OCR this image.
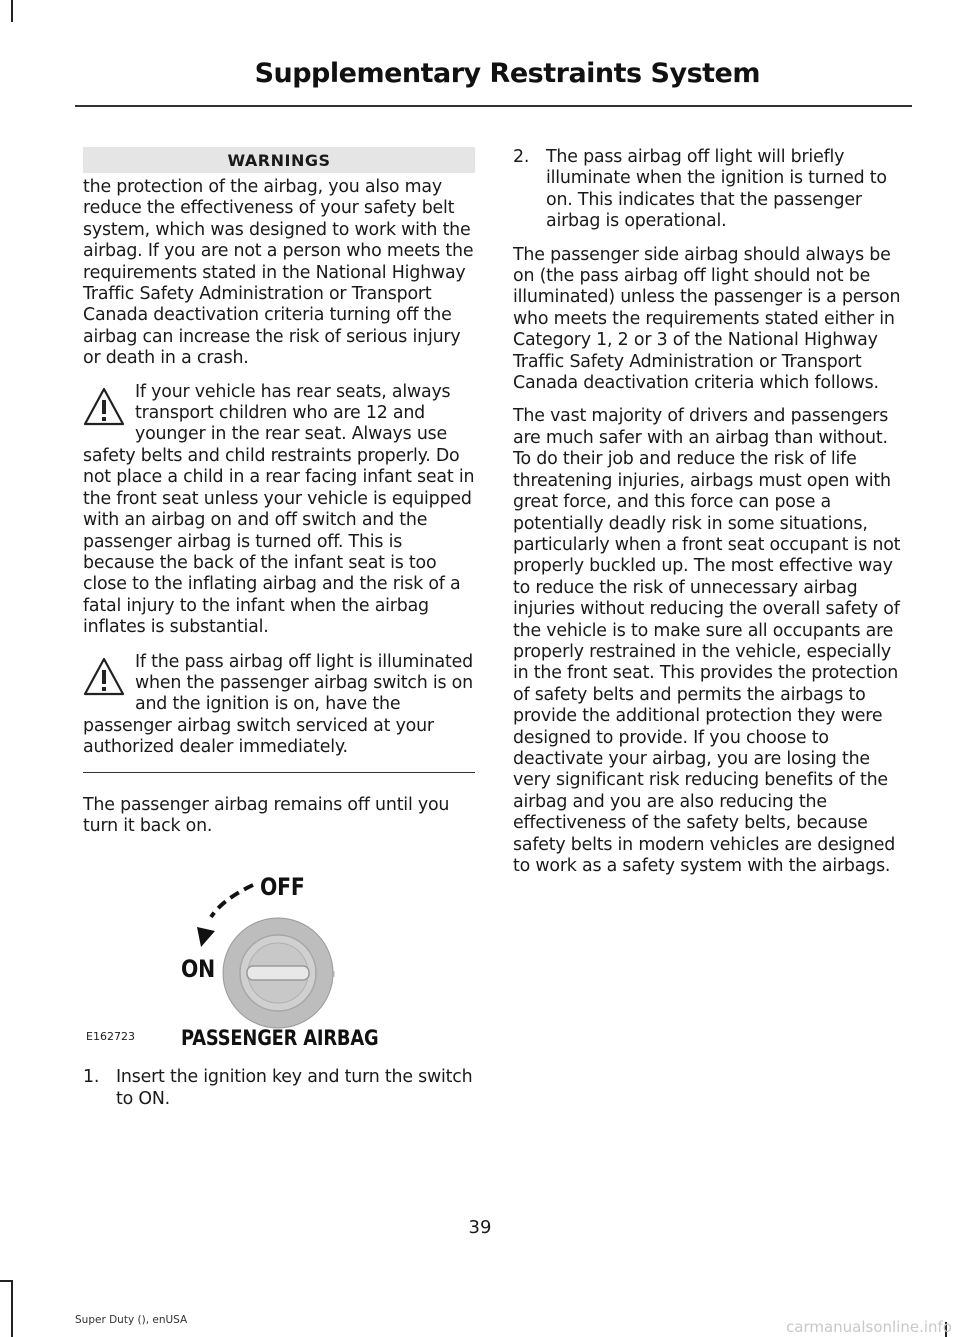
Supplementary Restraints System
WARNINGS

the protection of the airbag, you also may reduce the effectiveness of your safety belt system, which was designed to work with the airbag. If you are not a person who meets the requirements stated in the National Highway Traffic Safety Administration or Transport Canada deactivation criteria turning off the airbag can increase the risk of serious injury or death in a crash.

If your vehicle has rear seats, always transport children who are 12 and younger in the rear seat. Always use safety belts and child restraints properly. Do not place a child in a rear facing infant seat in the front seat unless your vehicle is equipped with an airbag on and off switch and the passenger airbag is turned off. This is because the back of the infant seat is too close to the inflating airbag and the risk of a fatal injury to the infant when the airbag inflates is substantial.
If the pass airbag off light is illuminated when the passenger airbag switch is on and the ignition is on, have the passenger airbag switch serviced at your authorized dealer immediately.

The passenger airbag remains off until you turn it back on.

OFF
ON
PASSENGER AIRBAG
E162723
1. Insert the ignition key and turn the switch to ON.
2. The pass airbag off light will briefly illuminate when the ignition is turned to on. This indicates that the passenger airbag is operational.

The passenger side airbag should always be on (the pass airbag off light should not be illuminated) unless the passenger is a person who meets the requirements stated either in Category 1, 2 or 3 of the National Highway Traffic Safety Administration or Transport Canada deactivation criteria which follows.

The vast majority of drivers and passengers are much safer with an airbag than without. To do their job and reduce the risk of life threatening injuries, airbags must open with great force, and this force can pose a potentially deadly risk in some situations, particularly when a front seat occupant is not properly buckled up. The most effective way to reduce the risk of unnecessary airbag injuries without reducing the overall safety of the vehicle is to make sure all occupants are properly restrained in the vehicle, especially in the front seat. This provides the protection of safety belts and permits the airbags to provide the additional protection they were designed to provide. If you choose to deactivate your airbag, you are losing the very significant risk reducing benefits of the airbag and you are also reducing the effectiveness of the safety belts, because safety belts in modern vehicles are designed to work as a safety system with the airbags.

39
Super Duty (), enUSA	carmanualsonline.info
